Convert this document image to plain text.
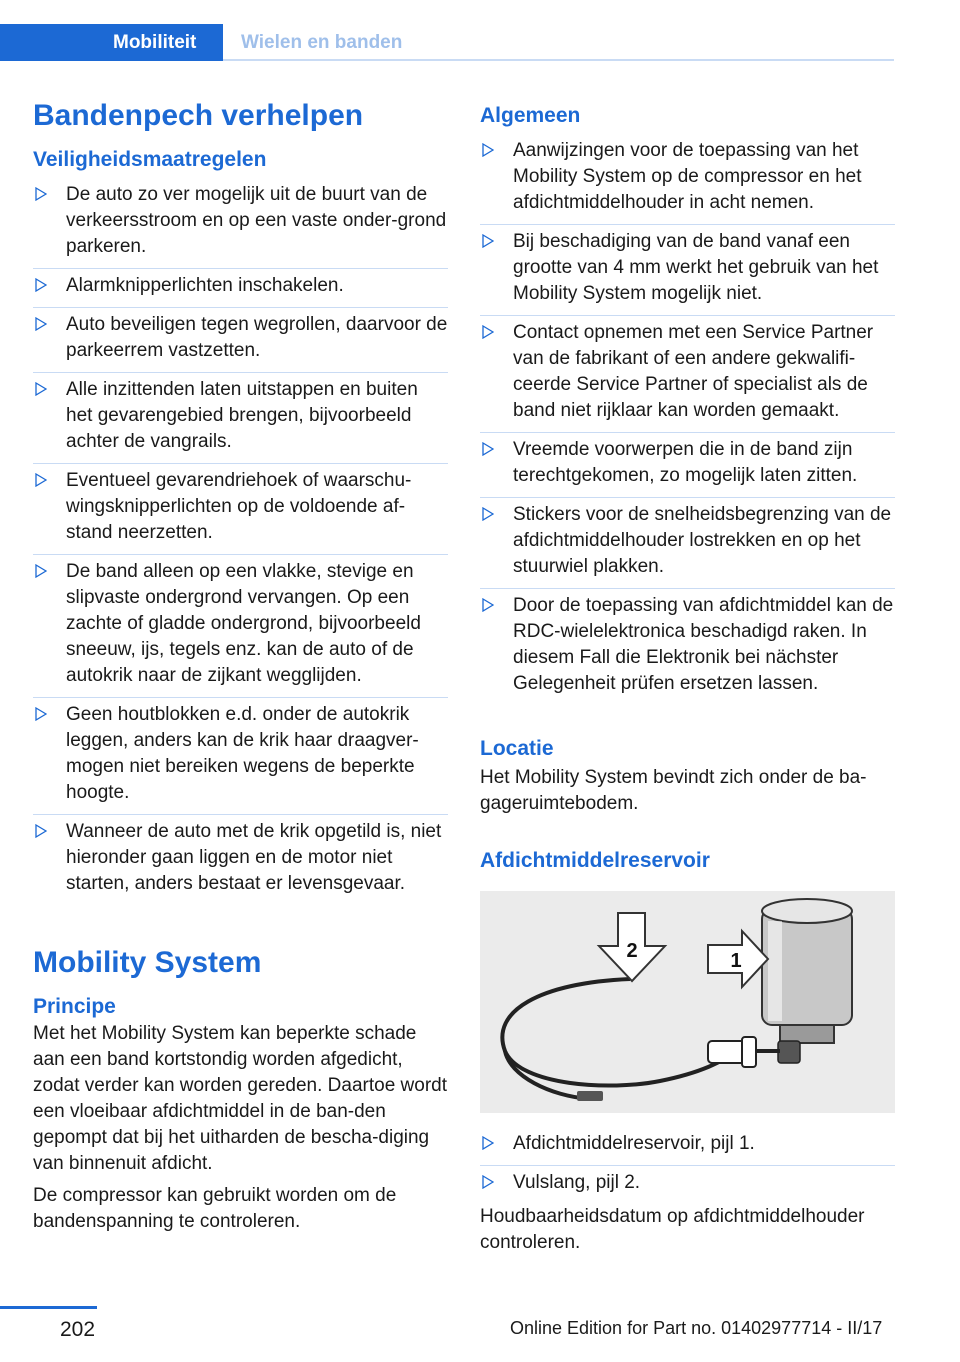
Mobiliteit	Wielen en banden
Bandenpech verhelpen
Veiligheidsmaatregelen
De auto zo ver mogelijk uit de buurt van de verkeersstroom en op een vaste onder-grond parkeren.
Alarmknipperlichten inschakelen.
Auto beveiligen tegen wegrollen, daarvoor de parkeerrem vastzetten.
Alle inzittenden laten uitstappen en buiten het gevarengebied brengen, bijvoorbeeld achter de vangrails.
Eventueel gevarendriehoek of waarschu-wingsknipperlichten op de voldoende af-stand neerzetten.
De band alleen op een vlakke, stevige en slipvaste ondergrond vervangen. Op een zachte of gladde ondergrond, bijvoorbeeld sneeuw, ijs, tegels enz. kan de auto of de autokrik naar de zijkant wegglijden.
Geen houtblokken e.d. onder de autokrik leggen, anders kan de krik haar draagver-mogen niet bereiken wegens de beperkte hoogte.
Wanneer de auto met de krik opgetild is, niet hieronder gaan liggen en de motor niet starten, anders bestaat er levensgevaar.
Mobility System
Principe

Met het Mobility System kan beperkte schade aan een band kortstondig worden afgedicht, zodat verder kan worden gereden. Daartoe wordt een vloeibaar afdichtmiddel in de ban-den gepompt dat bij het uitharden de bescha-diging van binnenuit afdicht.

De compressor kan gebruikt worden om de bandenspanning te controleren.

Algemeen
Aanwijzingen voor de toepassing van het Mobility System op de compressor en het afdichtmiddelhouder in acht nemen.
Bij beschadiging van de band vanaf een grootte van 4 mm werkt het gebruik van het Mobility System mogelijk niet.
Contact opnemen met een Service Partner van de fabrikant of een andere gekwalifi-ceerde Service Partner of specialist als de band niet rijklaar kan worden gemaakt.
Vreemde voorwerpen die in de band zijn terechtgekomen, zo mogelijk laten zitten.
Stickers voor de snelheidsbegrenzing van de afdichtmiddelhouder lostrekken en op het stuurwiel plakken.
Door de toepassing van afdichtmiddel kan de RDC-wielelektronica beschadigd raken. In diesem Fall die Elektronik bei nächster Gelegenheit prüfen ersetzen lassen.
Locatie

Het Mobility System bevindt zich onder de ba-gageruimtebodem.

Afdichtmiddelreservoir
2	1
Afdichtmiddelreservoir, pijl 1.
Vulslang, pijl 2.

Houdbaarheidsdatum op afdichtmiddelhouder controleren.

202	Online Edition for Part no. 01402977714 - II/17
